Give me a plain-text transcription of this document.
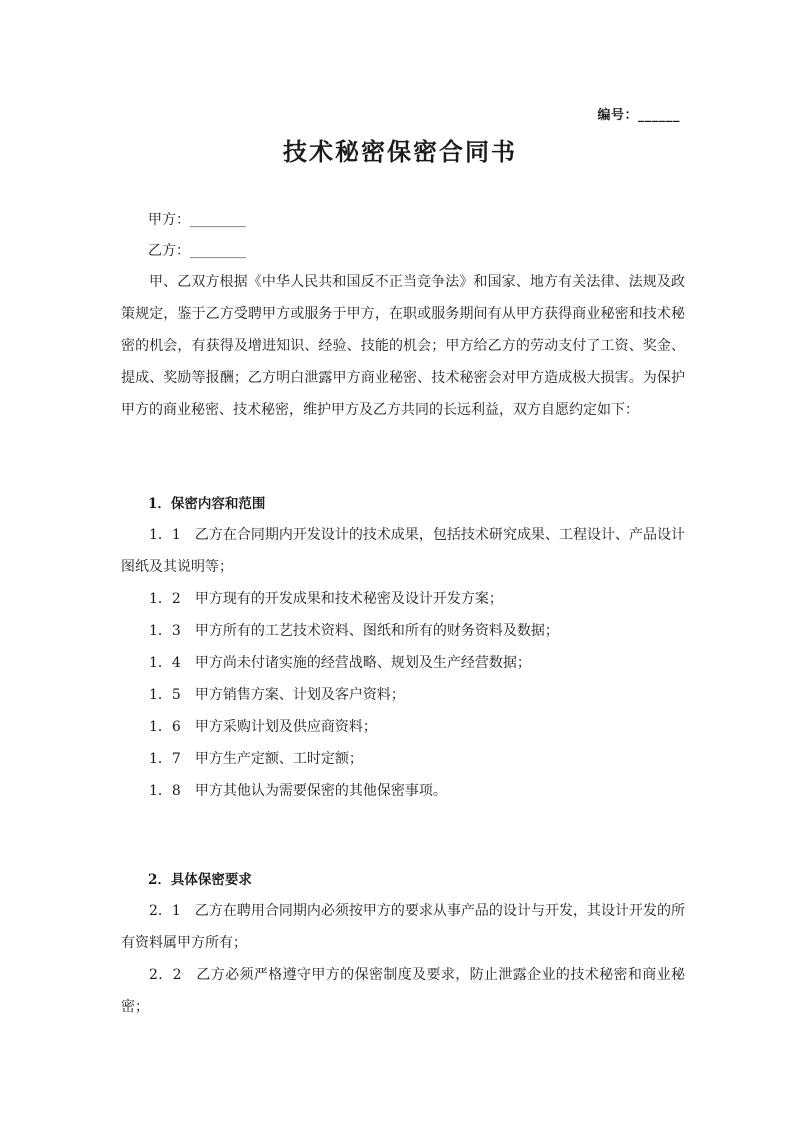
编号：______
技术秘密保密合同书
甲方：________
乙方：________

甲、乙双方根据《中华人民共和国反不正当竞争法》和国家、地方有关法律、法规及政策规定，鉴于乙方受聘甲方或服务于甲方，在职或服务期间有从甲方获得商业秘密和技术秘密的机会，有获得及增进知识、经验、技能的机会；甲方给乙方的劳动支付了工资、奖金、提成、奖励等报酬；乙方明白泄露甲方商业秘密、技术秘密会对甲方造成极大损害。为保护甲方的商业秘密、技术秘密，维护甲方及乙方共同的长远利益，双方自愿约定如下：

1．保密内容和范围

1．1　乙方在合同期内开发设计的技术成果，包括技术研究成果、工程设计、产品设计图纸及其说明等；

1．2　甲方现有的开发成果和技术秘密及设计开发方案；

1．3　甲方所有的工艺技术资料、图纸和所有的财务资料及数据；

1．4　甲方尚未付诸实施的经营战略、规划及生产经营数据；

1．5　甲方销售方案、计划及客户资料；

1．6　甲方采购计划及供应商资料；

1．7　甲方生产定额、工时定额；

1．8　甲方其他认为需要保密的其他保密事项。

2．具体保密要求

2．1　乙方在聘用合同期内必须按甲方的要求从事产品的设计与开发，其设计开发的所有资料属甲方所有；

2．2　乙方必须严格遵守甲方的保密制度及要求，防止泄露企业的技术秘密和商业秘密；
